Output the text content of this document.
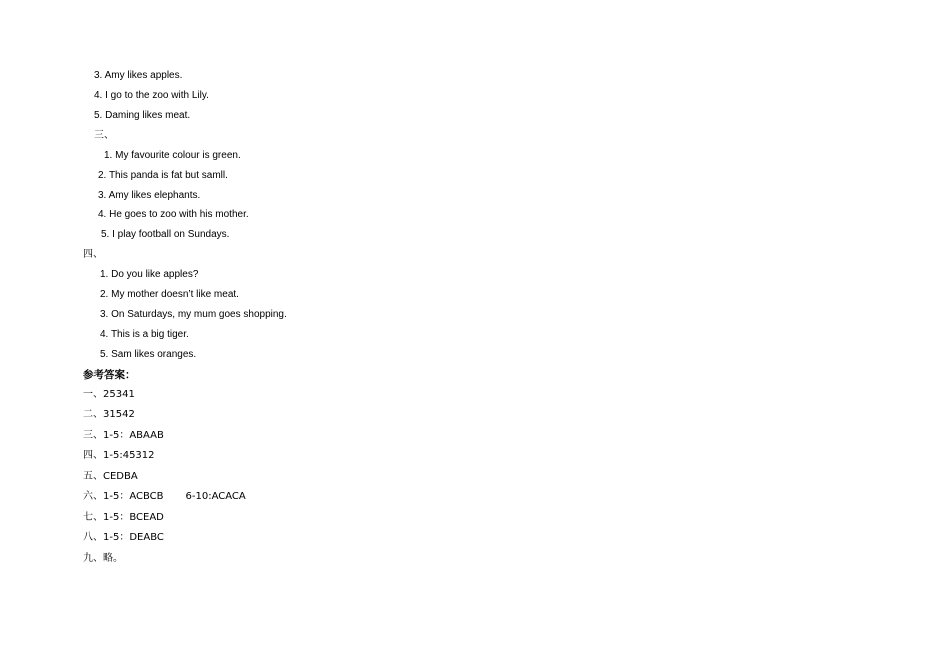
3. Amy likes apples.
4. I go to the zoo with Lily.
5. Daming likes meat.
三、
1. My favourite colour is green.
2. This panda is fat but samll.
3. Amy likes elephants.
4. He goes to zoo with his mother.
5. I play football on Sundays.
四、
1. Do you like apples?
2. My mother doesn’t like meat.
3. On Saturdays, my mum goes shopping.
4. This is a big tiger.
5. Sam likes oranges.
参考答案：
一、25341
二、31542
三、1-5：ABAAB
四、1-5:45312
五、CEDBA
六、1-5：ACBCB 6-10:ACACA
七、1-5：BCEAD
八、1-5：DEABC
九、略。
